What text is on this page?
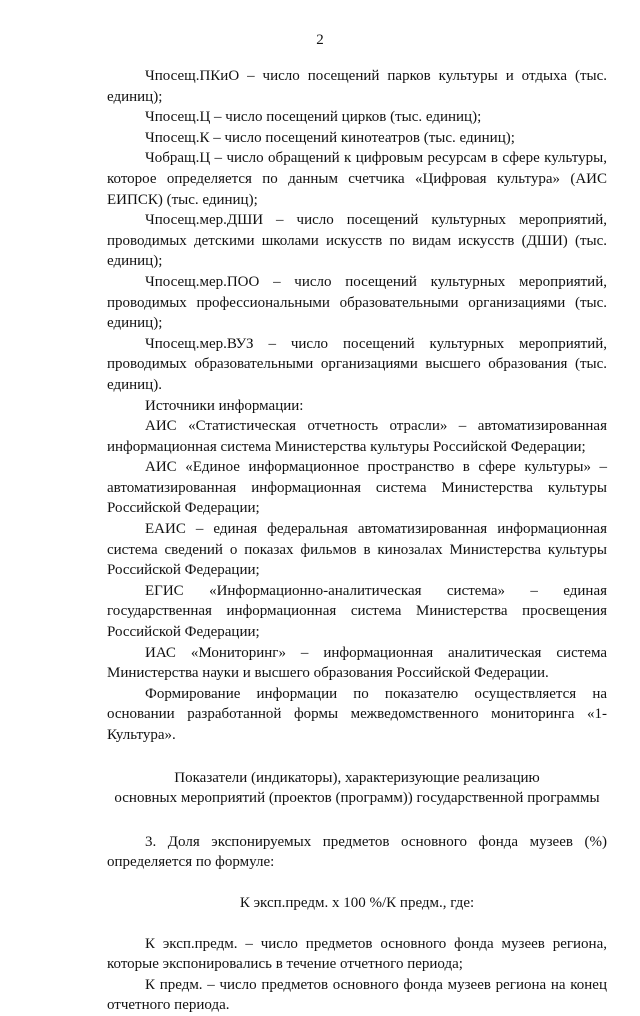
2

Чпосещ.ПКиО – число посещений парков культуры и отдыха (тыс. единиц);

Чпосещ.Ц – число посещений цирков (тыс. единиц);

Чпосещ.К – число посещений кинотеатров (тыс. единиц);

Чобращ.Ц – число обращений к цифровым ресурсам в сфере культуры, которое определяется по данным счетчика «Цифровая культура» (АИС ЕИПСК) (тыс. единиц);

Чпосещ.мер.ДШИ – число посещений культурных мероприятий, проводимых детскими школами искусств по видам искусств (ДШИ) (тыс. единиц);

Чпосещ.мер.ПОО – число посещений культурных мероприятий, проводимых профессиональными образовательными организациями (тыс. единиц);

Чпосещ.мер.ВУЗ – число посещений культурных мероприятий, проводимых образовательными организациями высшего образования (тыс. единиц).

Источники информации:

АИС «Статистическая отчетность отрасли» – автоматизированная информационная система Министерства культуры Российской Федерации;

АИС «Единое информационное пространство в сфере культуры» – автоматизированная информационная система Министерства культуры Российской Федерации;

ЕАИС – единая федеральная автоматизированная информационная система сведений о показах фильмов в кинозалах Министерства культуры Российской Федерации;

ЕГИС «Информационно-аналитическая система» – единая государственная информационная система Министерства просвещения Российской Федерации;

ИАС «Мониторинг» – информационная аналитическая система Министерства науки и высшего образования Российской Федерации.

Формирование информации по показателю осуществляется на основании разработанной формы межведомственного мониторинга «1-Культура».

Показатели (индикаторы), характеризующие реализацию
основных мероприятий (проектов (программ)) государственной программы

3. Доля экспонируемых предметов основного фонда музеев (%) определяется по формуле:

К эксп.предм. х 100 %/К предм., где:

К эксп.предм. – число предметов основного фонда музеев региона, которые экспонировались в течение отчетного периода;

К предм. – число предметов основного фонда музеев региона на конец отчетного периода.
